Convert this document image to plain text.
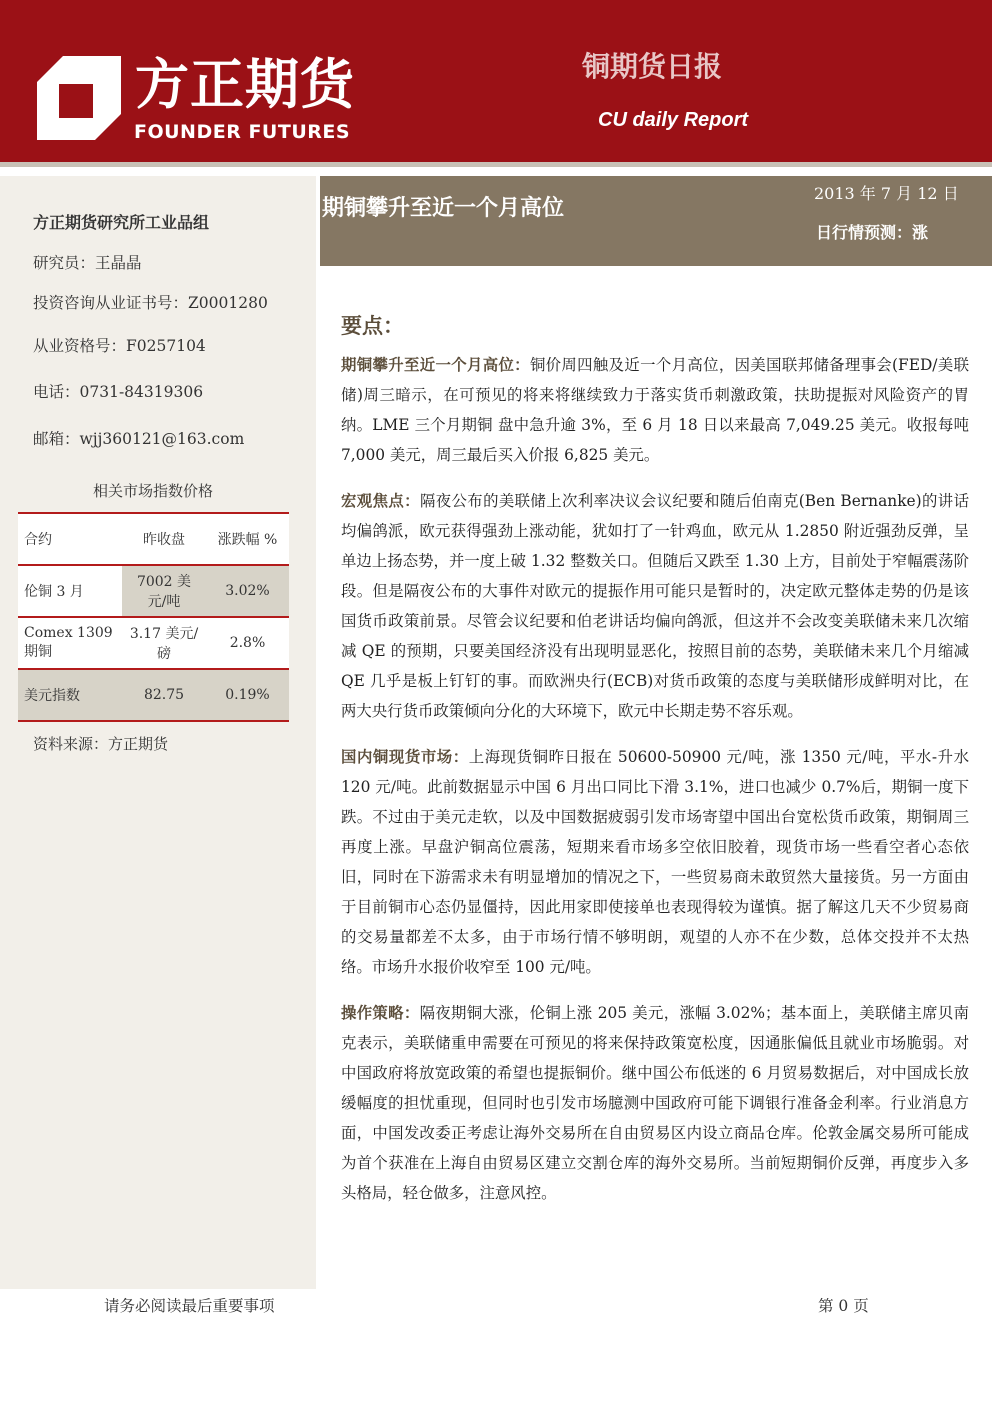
方正期货
FOUNDER FUTURES
铜期货日报
CU daily Report
期铜攀升至近一个月高位
2013 年 7 月 12 日
日行情预测：涨
方正期货研究所工业品组
研究员：王晶晶
投资咨询从业证书号：Z0001280
从业资格号：F0257104
电话：0731-84319306
邮箱：wjj360121@163.com
相关市场指数价格
合约	昨收盘	涨跌幅 %
伦铜 3 月	7002 美元/吨	3.02%
Comex 1309 期铜	3.17 美元/磅	2.8%
美元指数	82.75	0.19%
资料来源：方正期货
要点：

期铜攀升至近一个月高位：铜价周四触及近一个月高位，因美国联邦储备理事会(FED/美联储)周三暗示，在可预见的将来将继续致力于落实货币刺激政策，扶助提振对风险资产的胃纳。LME 三个月期铜 盘中急升逾 3%，至 6 月 18 日以来最高 7,049.25 美元。收报每吨 7,000 美元，周三最后买入价报 6,825 美元。

宏观焦点：隔夜公布的美联储上次利率决议会议纪要和随后伯南克(Ben Bernanke)的讲话均偏鸽派，欧元获得强劲上涨动能，犹如打了一针鸡血，欧元从 1.2850 附近强劲反弹，呈单边上扬态势，并一度上破 1.32 整数关口。但随后又跌至 1.30 上方，目前处于窄幅震荡阶段。但是隔夜公布的大事件对欧元的提振作用可能只是暂时的，决定欧元整体走势的仍是该国货币政策前景。尽管会议纪要和伯老讲话均偏向鸽派，但这并不会改变美联储未来几次缩减 QE 的预期，只要美国经济没有出现明显恶化，按照目前的态势，美联储未来几个月缩减 QE 几乎是板上钉钉的事。而欧洲央行(ECB)对货币政策的态度与美联储形成鲜明对比，在两大央行货币政策倾向分化的大环境下，欧元中长期走势不容乐观。

国内铜现货市场：上海现货铜昨日报在 50600-50900 元/吨，涨 1350 元/吨，平水-升水 120 元/吨。此前数据显示中国 6 月出口同比下滑 3.1%，进口也减少 0.7%后，期铜一度下跌。不过由于美元走软，以及中国数据疲弱引发市场寄望中国出台宽松货币政策，期铜周三再度上涨。早盘沪铜高位震荡，短期来看市场多空依旧胶着，现货市场一些看空者心态依旧，同时在下游需求未有明显增加的情况之下，一些贸易商未敢贸然大量接货。另一方面由于目前铜市心态仍显僵持，因此用家即使接单也表现得较为谨慎。据了解这几天不少贸易商的交易量都差不太多，由于市场行情不够明朗，观望的人亦不在少数，总体交投并不太热络。市场升水报价收窄至 100 元/吨。

操作策略：隔夜期铜大涨，伦铜上涨 205 美元，涨幅 3.02%；基本面上，美联储主席贝南克表示，美联储重申需要在可预见的将来保持政策宽松度，因通胀偏低且就业市场脆弱。对中国政府将放宽政策的希望也提振铜价。继中国公布低迷的 6 月贸易数据后，对中国成长放缓幅度的担忧重现，但同时也引发市场臆测中国政府可能下调银行准备金利率。行业消息方面，中国发改委正考虑让海外交易所在自由贸易区内设立商品仓库。伦敦金属交易所可能成为首个获准在上海自由贸易区建立交割仓库的海外交易所。当前短期铜价反弹，再度步入多头格局，轻仓做多，注意风控。

请务必阅读最后重要事项	第 0 页
